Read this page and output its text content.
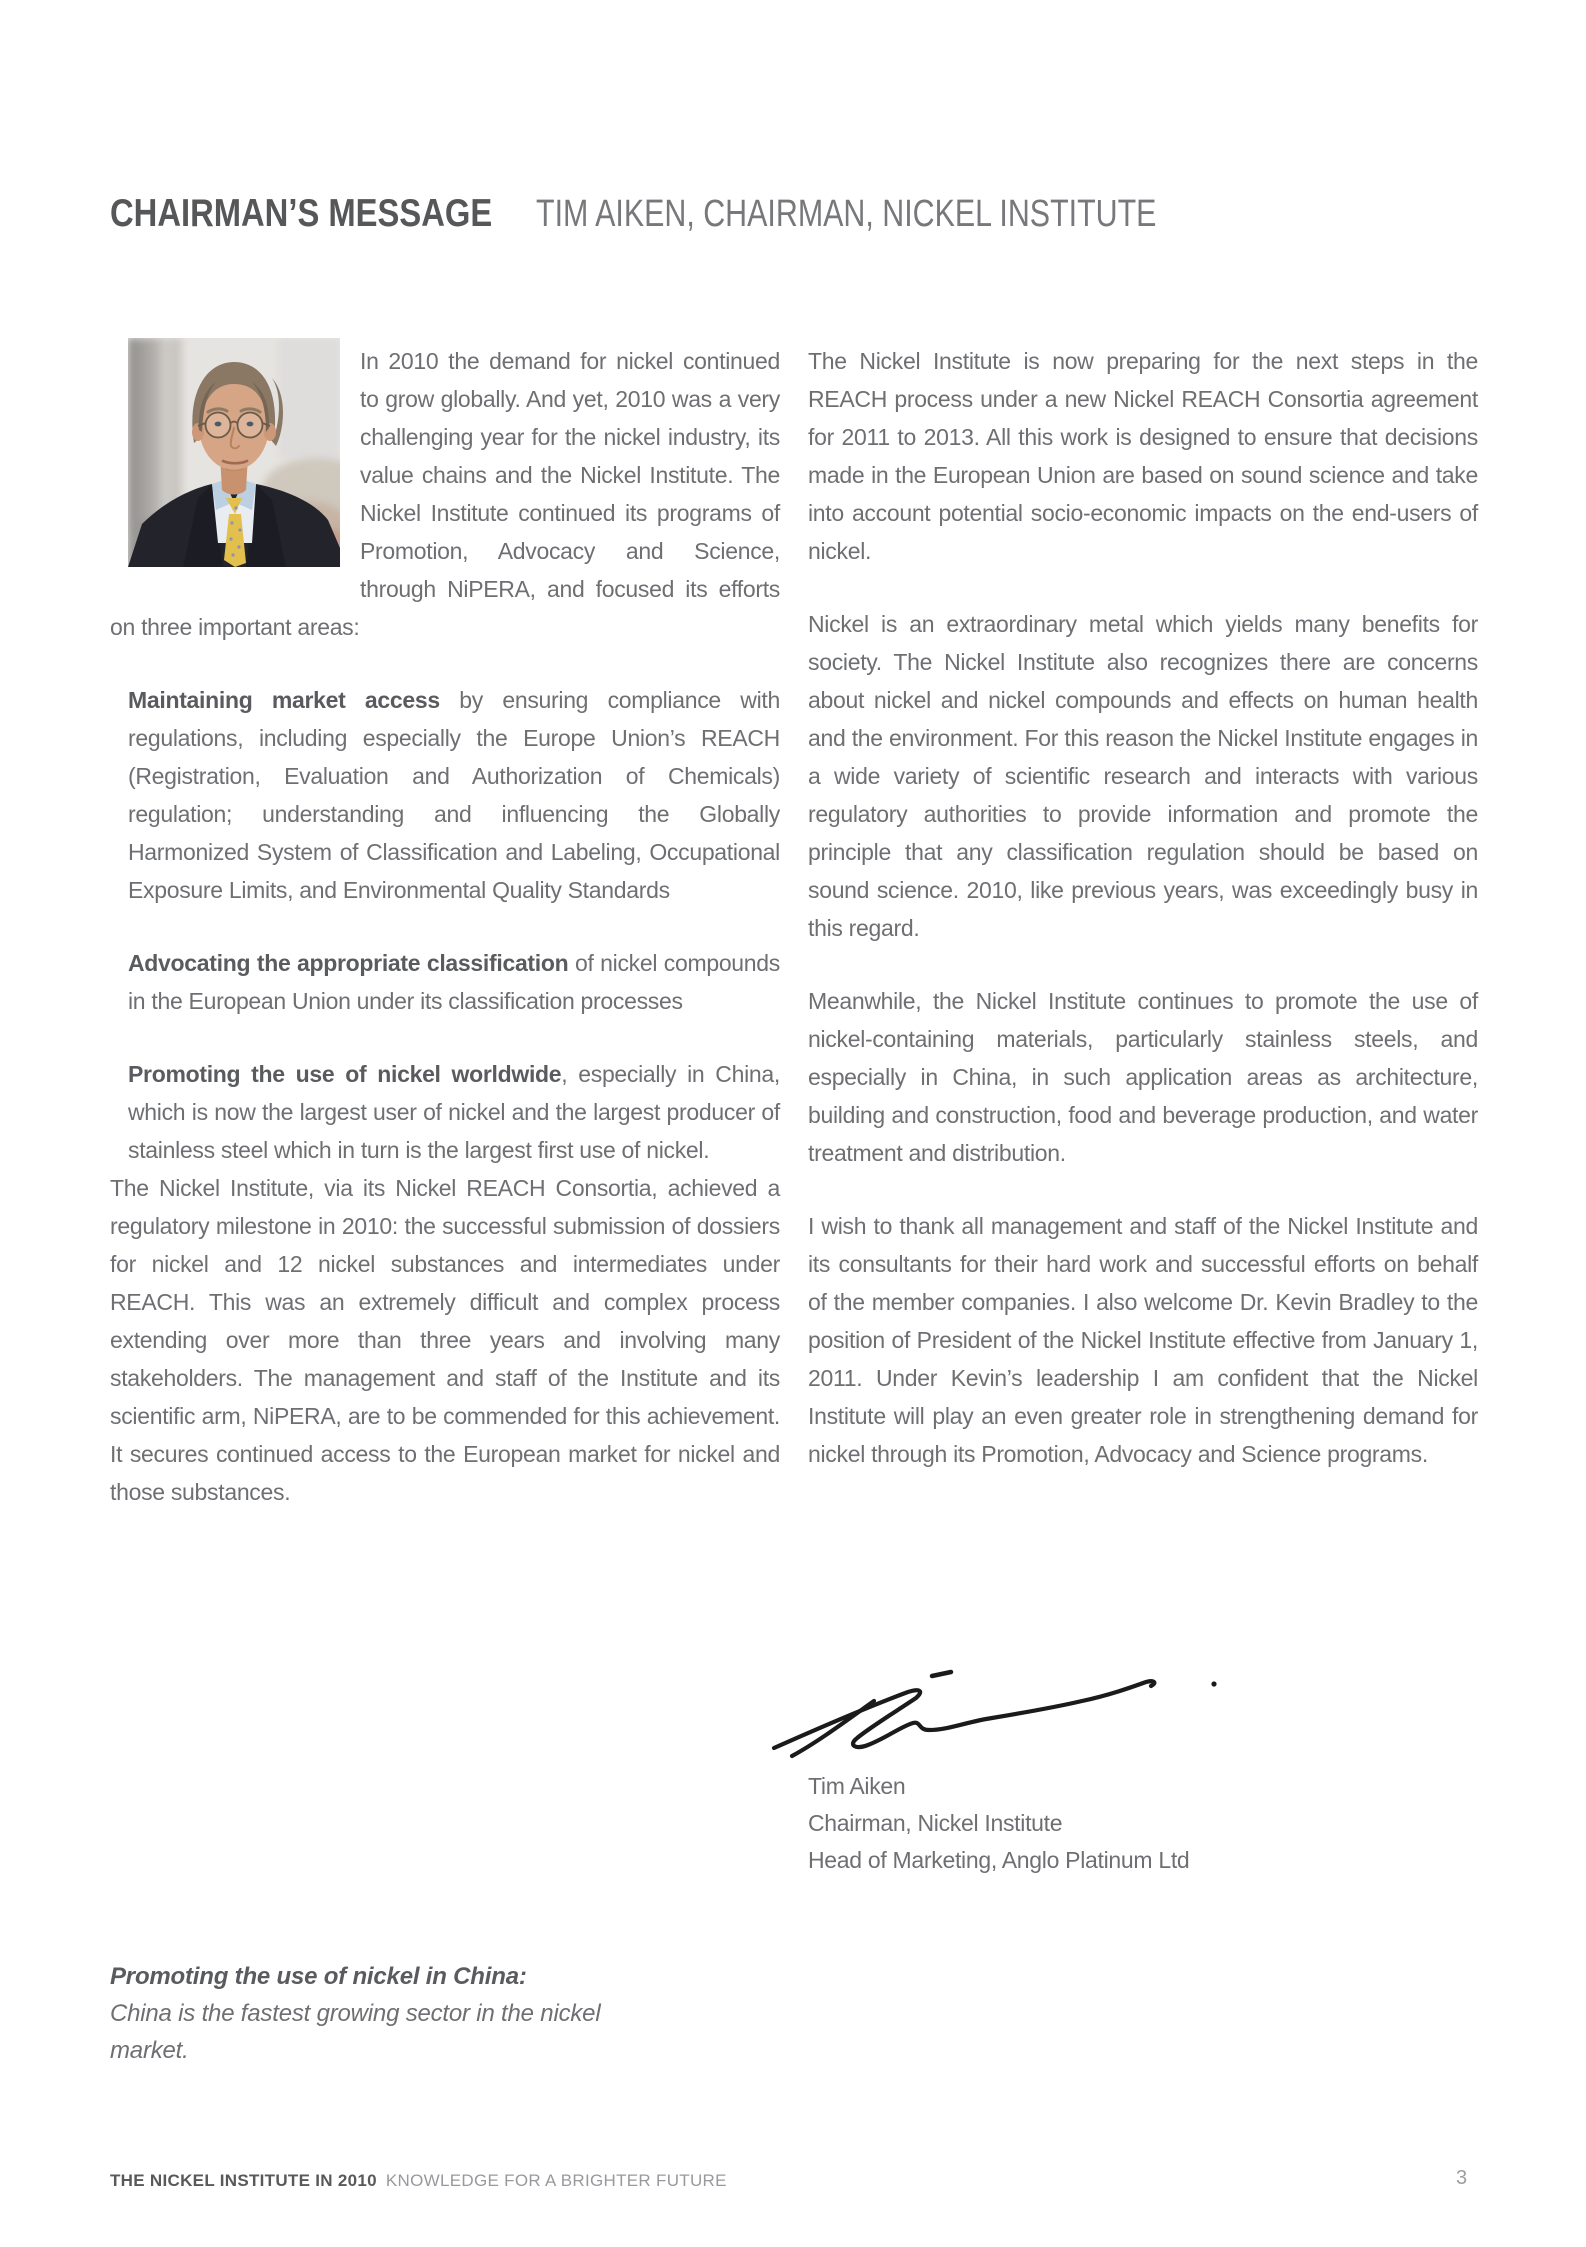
CHAIRMAN’S MESSAGE TIM AIKEN, CHAIRMAN, NICKEL INSTITUTE
In 2010 the demand for nickel continued to grow globally. And yet, 2010 was a very challenging year for the nickel industry, its value chains and the Nickel Institute. The Nickel Institute continued its programs of Promotion, Advocacy and Science, through NiPERA, and focused its efforts on three important areas:
Maintaining market access by ensuring compliance with regulations, including especially the Europe Union’s REACH (Registration, Evaluation and Authorization of Chemicals) regulation; understanding and influencing the Globally Harmonized System of Classification and Labeling, Occupational Exposure Limits, and Environmental Quality Standards
Advocating the appropriate classification of nickel compounds in the European Union under its classification processes
Promoting the use of nickel worldwide, especially in China, which is now the largest user of nickel and the largest producer of stainless steel which in turn is the largest first use of nickel.
The Nickel Institute, via its Nickel REACH Consortia, achieved a regulatory milestone in 2010: the successful submission of dossiers for nickel and 12 nickel substances and intermediates under REACH. This was an extremely difficult and complex process extending over more than three years and involving many stakeholders. The management and staff of the Institute and its scientific arm, NiPERA, are to be commended for this achievement. It secures continued access to the European market for nickel and those substances.
The Nickel Institute is now preparing for the next steps in the REACH process under a new Nickel REACH Consortia agreement for 2011 to 2013. All this work is designed to ensure that decisions made in the European Union are based on sound science and take into account potential socio-economic impacts on the end-users of nickel.
Nickel is an extraordinary metal which yields many benefits for society. The Nickel Institute also recognizes there are concerns about nickel and nickel compounds and effects on human health and the environment. For this reason the Nickel Institute engages in a wide variety of scientific research and interacts with various regulatory authorities to provide information and promote the principle that any classification regulation should be based on sound science. 2010, like previous years, was exceedingly busy in this regard.
Meanwhile, the Nickel Institute continues to promote the use of nickel-containing materials, particularly stainless steels, and especially in China, in such application areas as architecture, building and construction, food and beverage production, and water treatment and distribution.
I wish to thank all management and staff of the Nickel Institute and its consultants for their hard work and successful efforts on behalf of the member companies. I also welcome Dr. Kevin Bradley to the position of President of the Nickel Institute effective from January 1, 2011. Under Kevin’s leadership I am confident that the Nickel Institute will play an even greater role in strengthening demand for nickel through its Promotion, Advocacy and Science programs.
Tim Aiken
Chairman, Nickel Institute
Head of Marketing, Anglo Platinum Ltd
Promoting the use of nickel in China:
China is the fastest growing sector in the nickel market.
THE NICKEL INSTITUTE IN 2010 KNOWLEDGE FOR A BRIGHTER FUTURE	3
